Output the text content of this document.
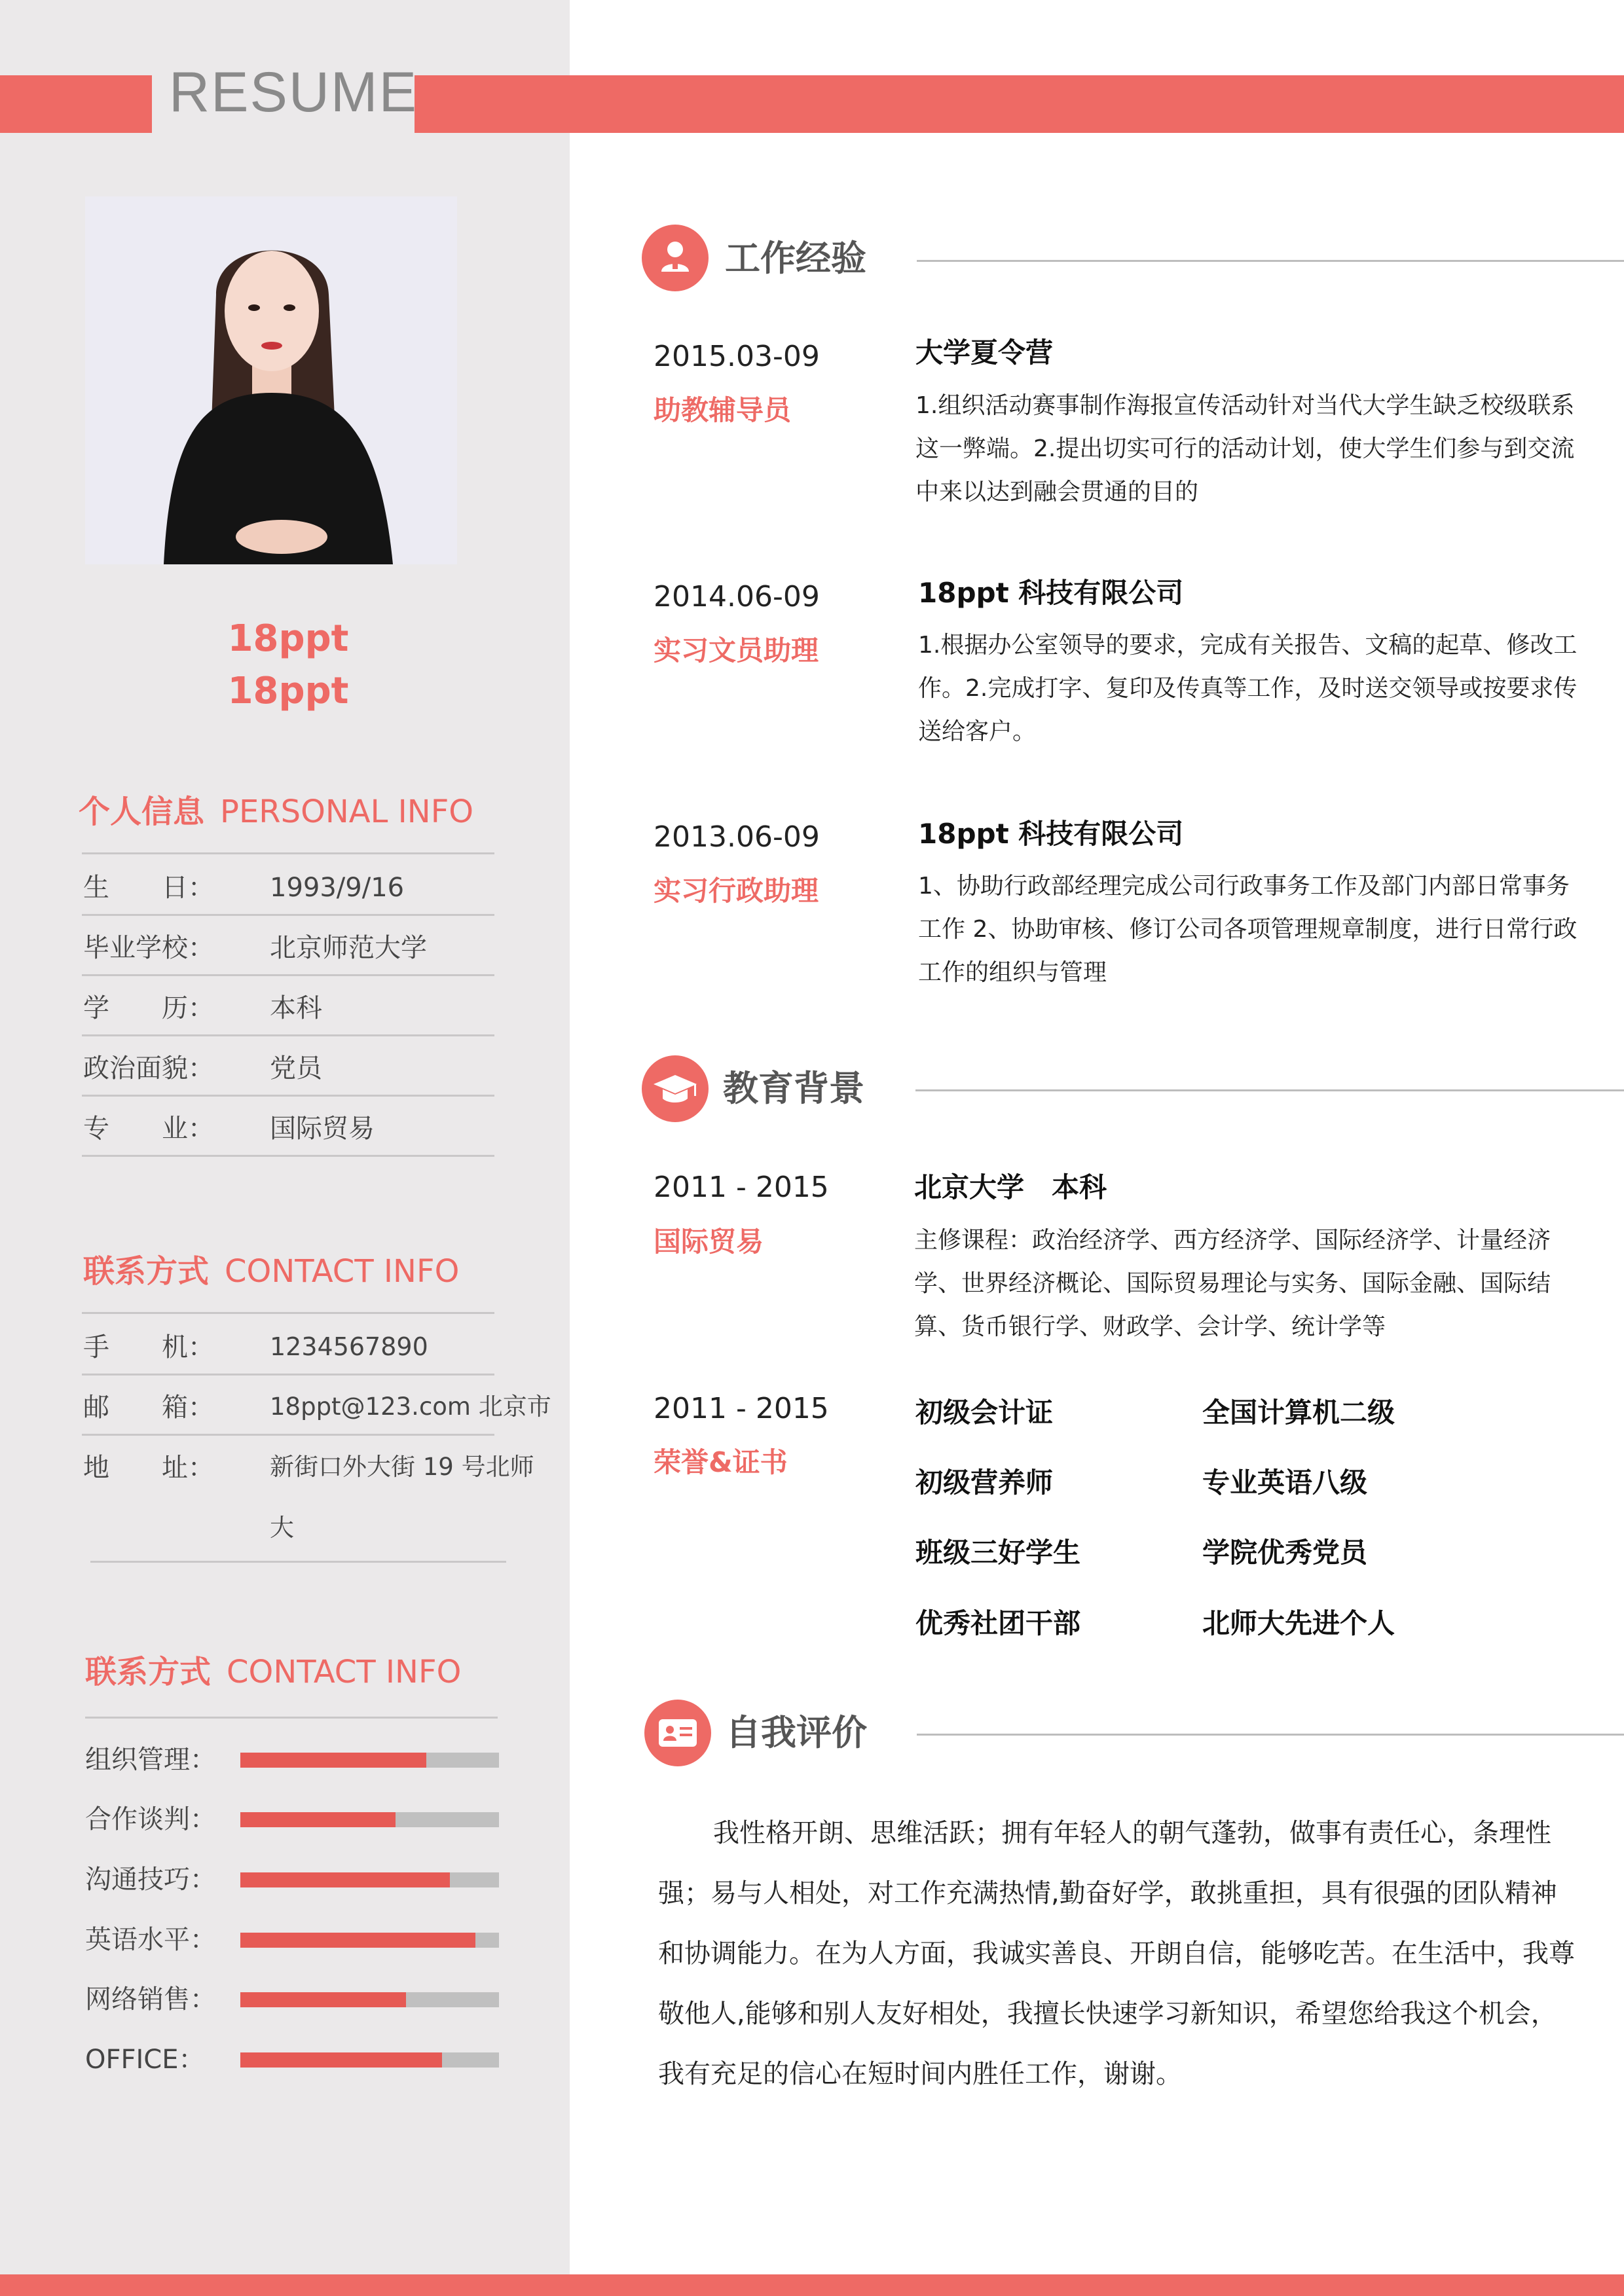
RESUME
18ppt
18ppt
个人信息 PERSONAL INFO
生　　日： 1993/9/16
毕业学校： 北京师范大学
学　　历： 本科
政治面貌： 党员
专　　业： 国际贸易
联系方式 CONTACT INFO
手　　机： 1234567890
邮　　箱： 18ppt@123.com 北京市
地　　址： 新街口外大街 19 号北师
大
联系方式 CONTACT INFO
组织管理：
合作谈判：
沟通技巧：
英语水平：
网络销售：
OFFICE：
工作经验
2015.03-09
助教辅导员
大学夏令营
1.组织活动赛事制作海报宣传活动针对当代大学生缺乏校级联系这一弊端。2.提出切实可行的活动计划，使大学生们参与到交流中来以达到融会贯通的目的
2014.06-09
实习文员助理
18ppt 科技有限公司
1.根据办公室领导的要求，完成有关报告、文稿的起草、修改工作。2.完成打字、复印及传真等工作，及时送交领导或按要求传送给客户。
2013.06-09
实习行政助理
18ppt 科技有限公司
1、协助行政部经理完成公司行政事务工作及部门内部日常事务工作 2、协助审核、修订公司各项管理规章制度，进行日常行政工作的组织与管理
教育背景
2011 - 2015
国际贸易
北京大学　本科
主修课程：政治经济学、西方经济学、国际经济学、计量经济学、世界经济概论、国际贸易理论与实务、国际金融、国际结算、货币银行学、财政学、会计学、统计学等
2011 - 2015
荣誉&证书
初级会计证	全国计算机二级
初级营养师	专业英语八级
班级三好学生	学院优秀党员
优秀社团干部	北师大先进个人
自我评价
我性格开朗、思维活跃；拥有年轻人的朝气蓬勃，做事有责任心，条理性强；易与人相处，对工作充满热情,勤奋好学，敢挑重担，具有很强的团队精神和协调能力。在为人方面，我诚实善良、开朗自信，能够吃苦。在生活中，我尊敬他人,能够和别人友好相处，我擅长快速学习新知识，希望您给我这个机会，我有充足的信心在短时间内胜任工作，谢谢。
